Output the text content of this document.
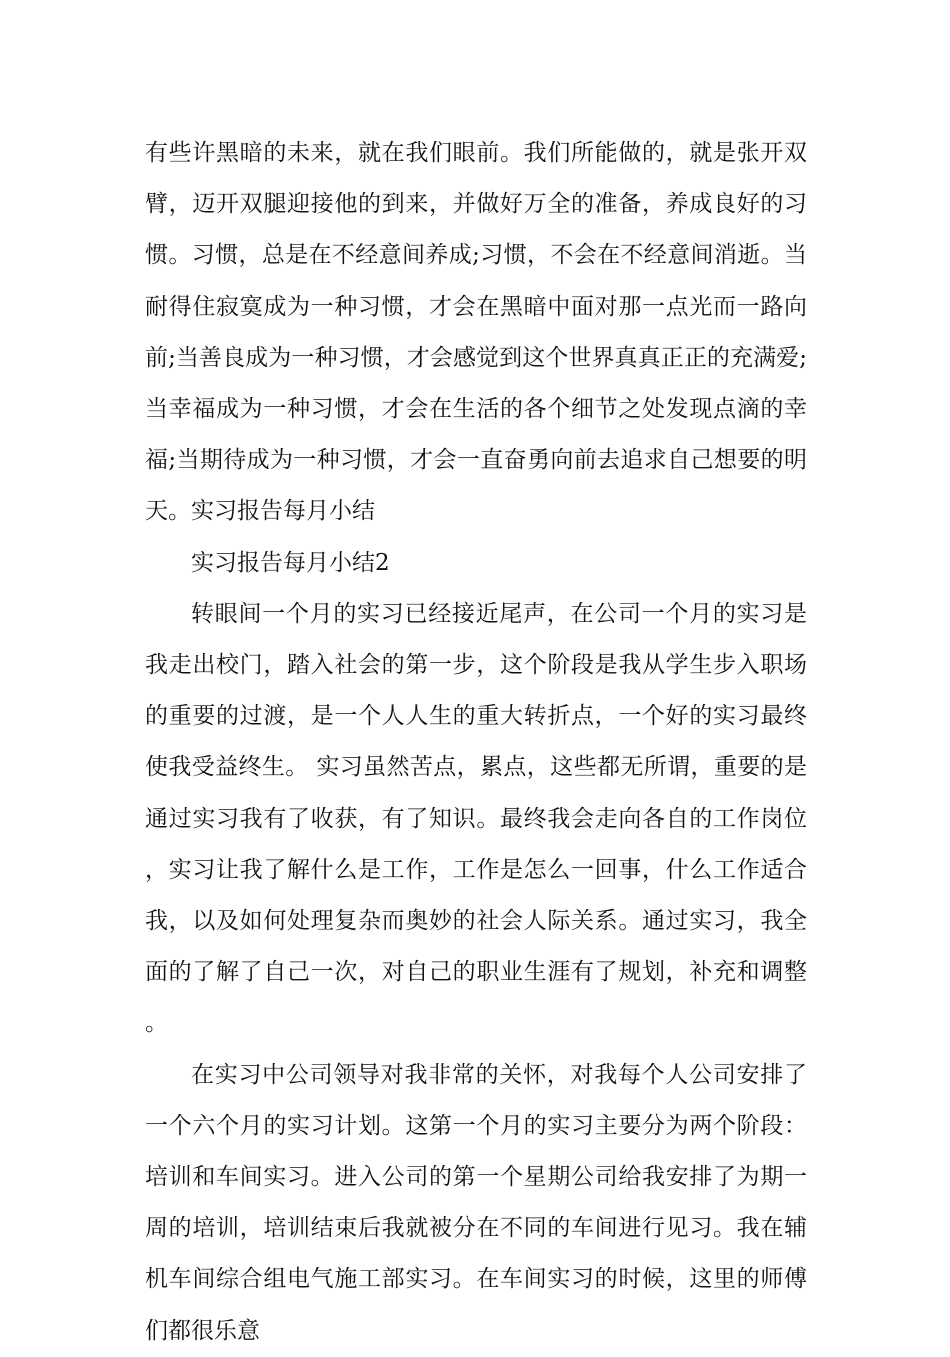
有些许黑暗的未来，就在我们眼前。我们所能做的，就是张开双臂，迈开双腿迎接他的到来，并做好万全的准备，养成良好的习惯。习惯，总是在不经意间养成;习惯，不会在不经意间消逝。当耐得住寂寞成为一种习惯，才会在黑暗中面对那一点光而一路向前;当善良成为一种习惯，才会感觉到这个世界真真正正的充满爱;当幸福成为一种习惯，才会在生活的各个细节之处发现点滴的幸福;当期待成为一种习惯，才会一直奋勇向前去追求自己想要的明天。实习报告每月小结

实习报告每月小结2

转眼间一个月的实习已经接近尾声，在公司一个月的实习是我走出校门，踏入社会的第一步，这个阶段是我从学生步入职场的重要的过渡，是一个人人生的重大转折点，一个好的实习最终使我受益终生。 实习虽然苦点，累点，这些都无所谓，重要的是通过实习我有了收获，有了知识。最终我会走向各自的工作岗位，实习让我了解什么是工作，工作是怎么一回事，什么工作适合我，以及如何处理复杂而奥妙的社会人际关系。通过实习，我全面的了解了自己一次，对自己的职业生涯有了规划，补充和调整。

在实习中公司领导对我非常的关怀，对我每个人公司安排了一个六个月的实习计划。这第一个月的实习主要分为两个阶段：培训和车间实习。进入公司的第一个星期公司给我安排了为期一周的培训，培训结束后我就被分在不同的车间进行见习。我在辅机车间综合组电气施工部实习。在车间实习的时候，这里的师傅们都很乐意
